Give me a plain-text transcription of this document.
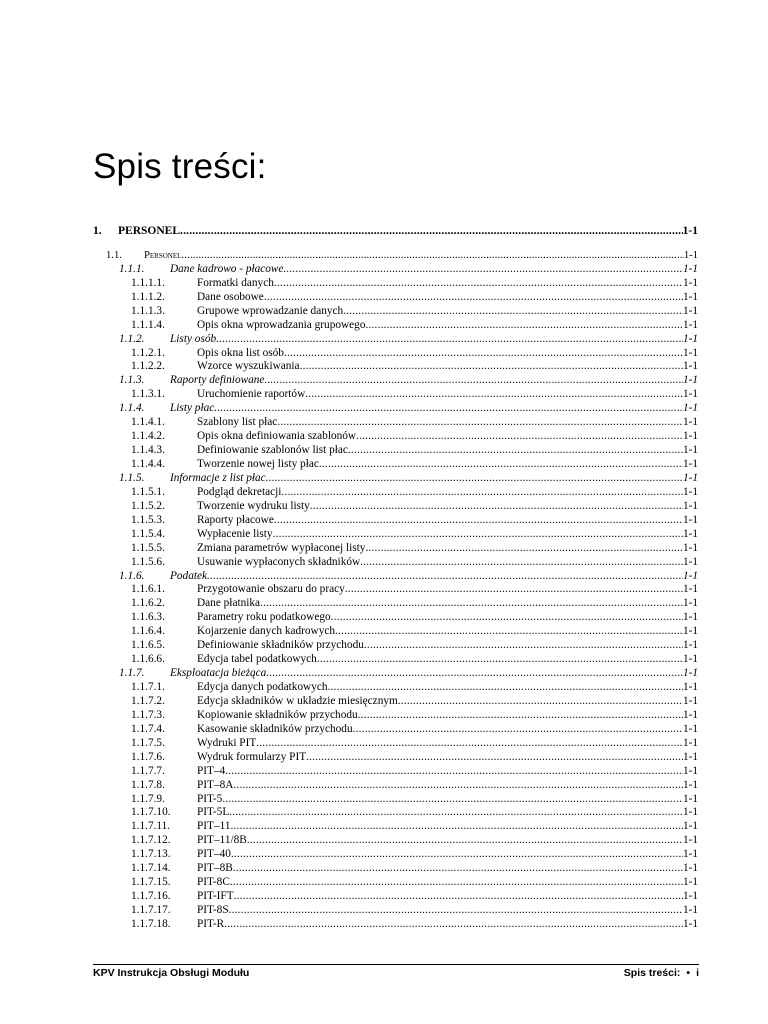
Spis treści:
1.	PERSONEL .....	1-1
1.1.	Personel .....	1-1
1.1.1.	Dane kadrowo - płacowe .....	1-1
1.1.1.1.	Formatki danych .....	1-1
1.1.1.2.	Dane osobowe .....	1-1
1.1.1.3.	Grupowe wprowadzanie danych .....	1-1
1.1.1.4.	Opis okna wprowadzania grupowego .....	1-1
1.1.2.	Listy osób .....	1-1
1.1.2.1.	Opis okna list osób .....	1-1
1.1.2.2.	Wzorce wyszukiwania .....	1-1
1.1.3.	Raporty definiowane .....	1-1
1.1.3.1.	Uruchomienie raportów .....	1-1
1.1.4.	Listy płac .....	1-1
1.1.4.1.	Szablony list płac .....	1-1
1.1.4.2.	Opis okna definiowania szablonów .....	1-1
1.1.4.3.	Definiowanie szablonów list płac .....	1-1
1.1.4.4.	Tworzenie nowej listy płac .....	1-1
1.1.5.	Informacje z list płac .....	1-1
1.1.5.1.	Podgląd dekretacji .....	1-1
1.1.5.2.	Tworzenie wydruku listy .....	1-1
1.1.5.3.	Raporty płacowe .....	1-1
1.1.5.4.	Wypłacenie listy .....	1-1
1.1.5.5.	Zmiana parametrów wypłaconej listy .....	1-1
1.1.5.6.	Usuwanie wypłaconych składników .....	1-1
1.1.6.	Podatek .....	1-1
1.1.6.1.	Przygotowanie obszaru do pracy .....	1-1
1.1.6.2.	Dane płatnika .....	1-1
1.1.6.3.	Parametry roku podatkowego .....	1-1
1.1.6.4.	Kojarzenie danych kadrowych .....	1-1
1.1.6.5.	Definiowanie składników przychodu .....	1-1
1.1.6.6.	Edycja tabel podatkowych .....	1-1
1.1.7.	Eksploatacja bieżąca .....	1-1
1.1.7.1.	Edycja danych podatkowych .....	1-1
1.1.7.2.	Edycja składników w układzie miesięcznym .....	1-1
1.1.7.3.	Kopiowanie składników przychodu .....	1-1
1.1.7.4.	Kasowanie składników przychodu .....	1-1
1.1.7.5.	Wydruki PIT .....	1-1
1.1.7.6.	Wydruk formularzy PIT .....	1-1
1.1.7.7.	PIT–4 .....	1-1
1.1.7.8.	PIT–8A .....	1-1
1.1.7.9.	PIT-5 .....	1-1
1.1.7.10.	PIT-5L .....	1-1
1.1.7.11.	PIT–11 .....	1-1
1.1.7.12.	PIT–11/8B .....	1-1
1.1.7.13.	PIT–40 .....	1-1
1.1.7.14.	PIT–8B .....	1-1
1.1.7.15.	PIT-8C .....	1-1
1.1.7.16.	PIT-IFT .....	1-1
1.1.7.17.	PIT-8S .....	1-1
1.1.7.18.	PIT-R .....	1-1
KPV Instrukcja Obsługi Modułu	Spis treści: • i
